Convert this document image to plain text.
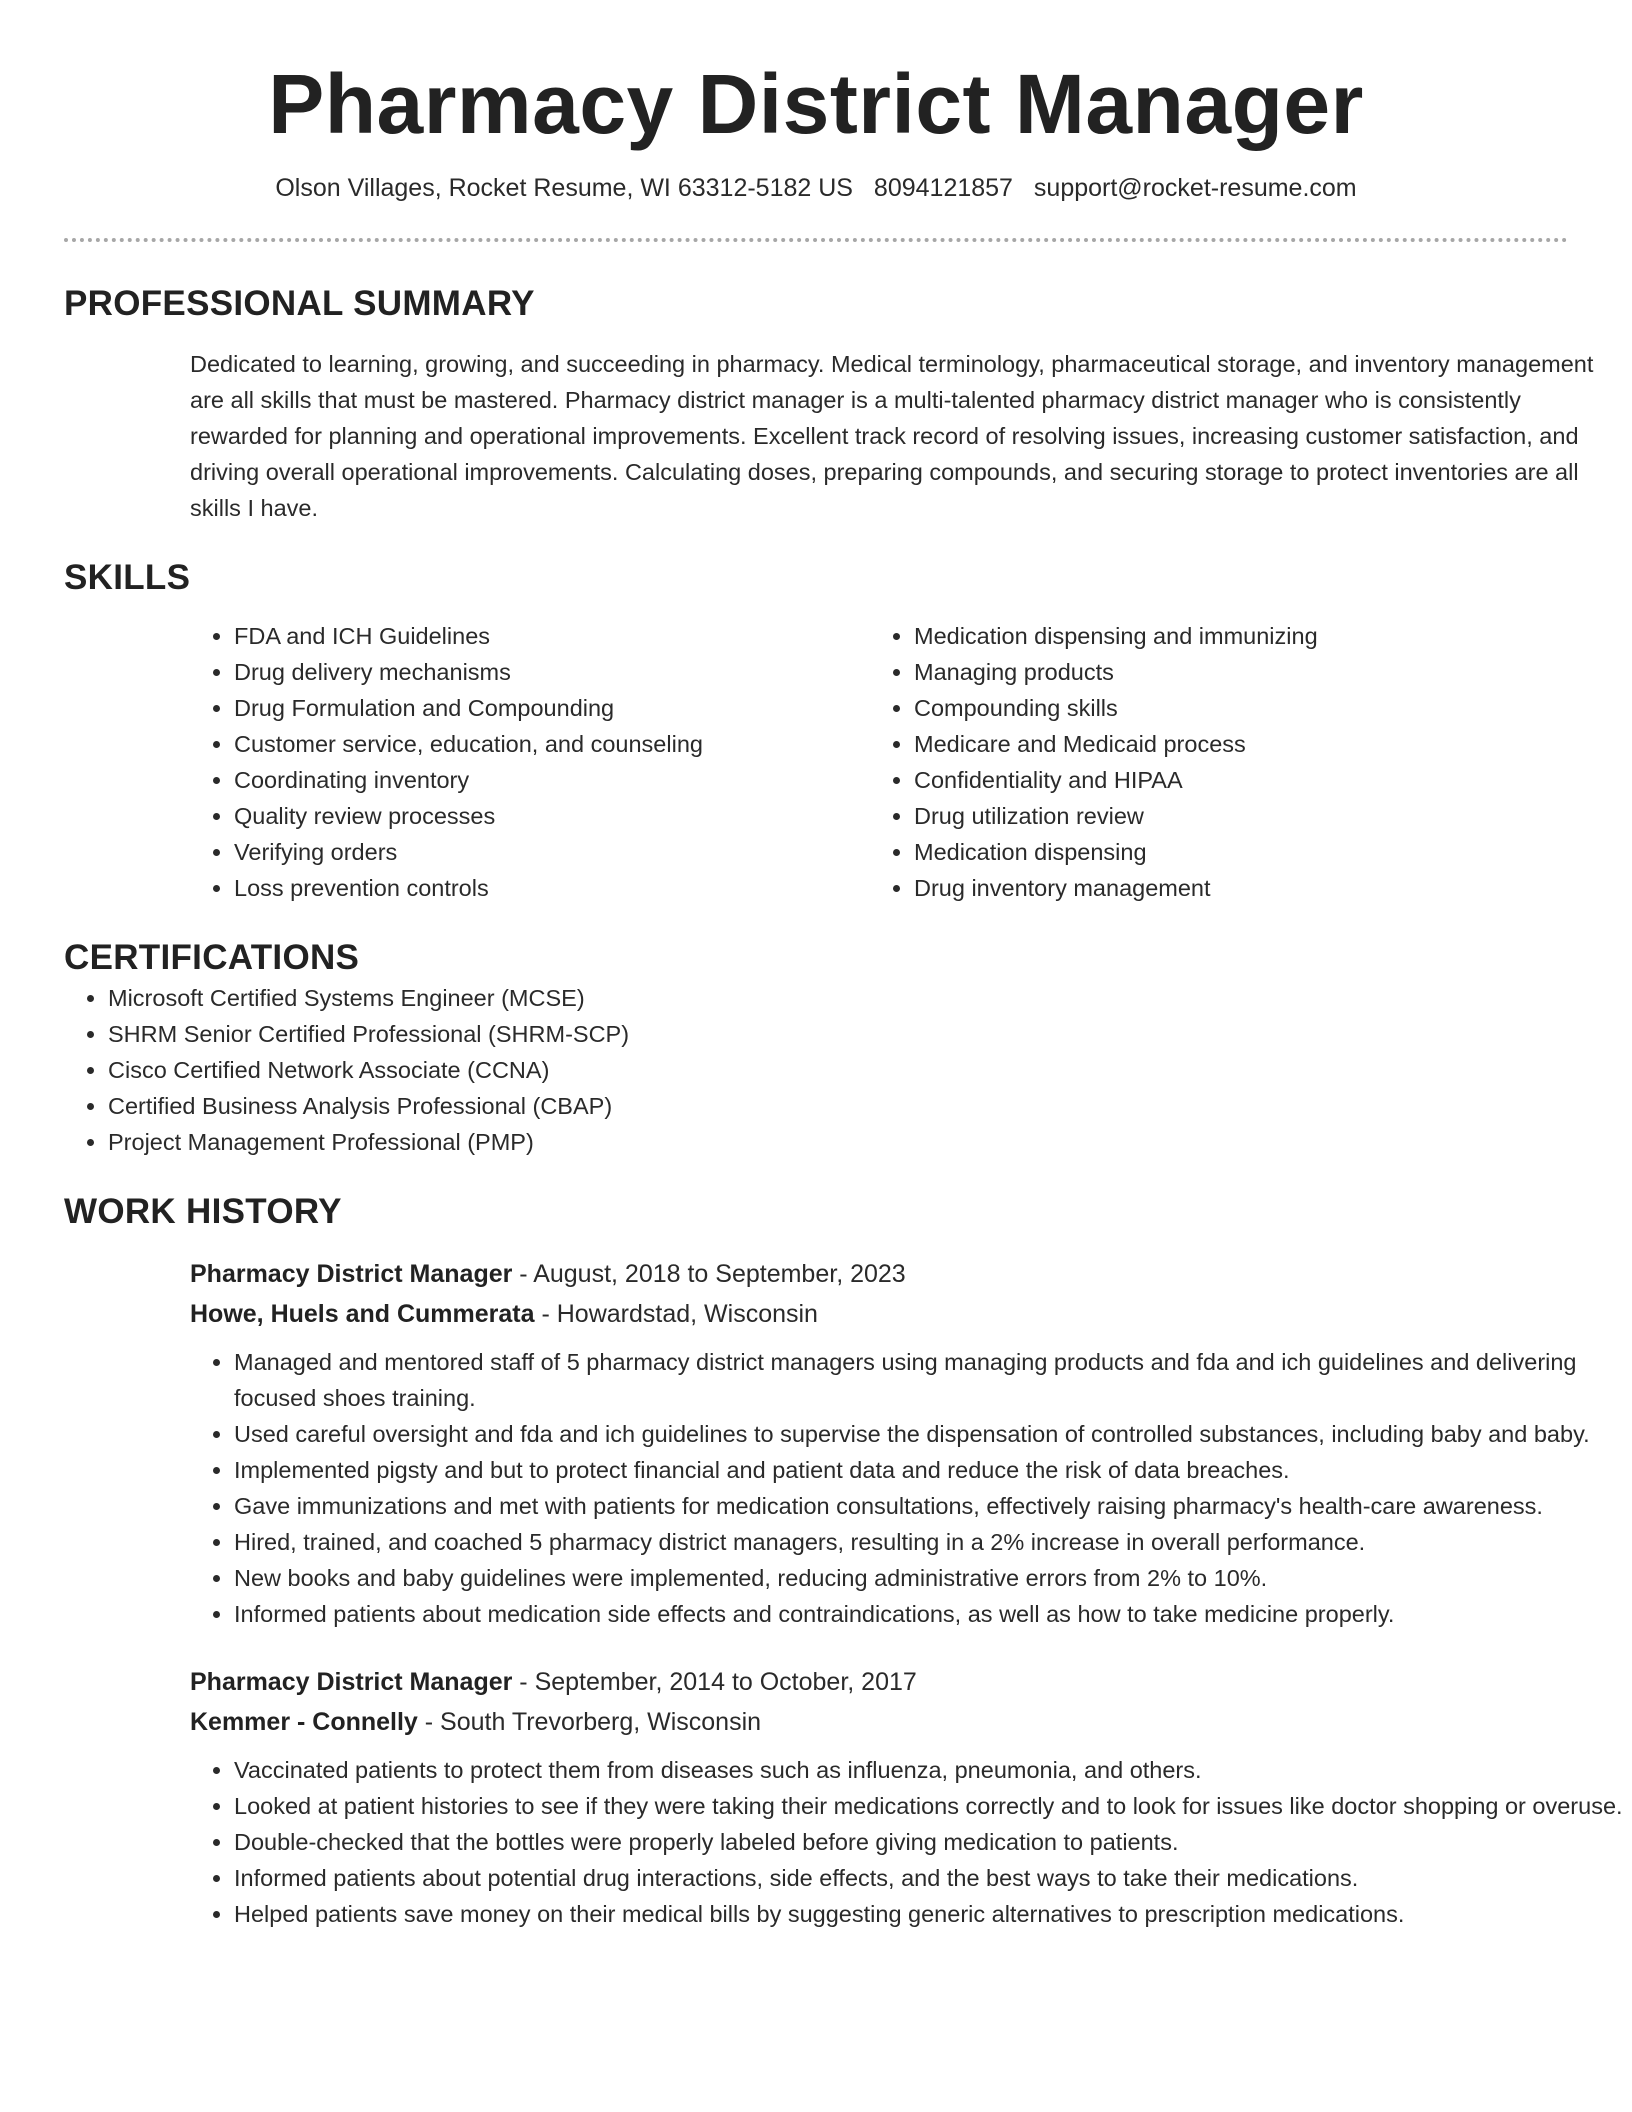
Pharmacy District Manager
Olson Villages, Rocket Resume, WI 63312-5182 US 8094121857 support@rocket-resume.com
PROFESSIONAL SUMMARY

Dedicated to learning, growing, and succeeding in pharmacy. Medical terminology, pharmaceutical storage, and inventory management are all skills that must be mastered. Pharmacy district manager is a multi-talented pharmacy district manager who is consistently rewarded for planning and operational improvements. Excellent track record of resolving issues, increasing customer satisfaction, and driving overall operational improvements. Calculating doses, preparing compounds, and securing storage to protect inventories are all skills I have.

SKILLS
• FDA and ICH Guidelines
• Drug delivery mechanisms
• Drug Formulation and Compounding
• Customer service, education, and counseling
• Coordinating inventory
• Quality review processes
• Verifying orders
• Loss prevention controls
• Medication dispensing and immunizing
• Managing products
• Compounding skills
• Medicare and Medicaid process
• Confidentiality and HIPAA
• Drug utilization review
• Medication dispensing
• Drug inventory management
CERTIFICATIONS
• Microsoft Certified Systems Engineer (MCSE)
• SHRM Senior Certified Professional (SHRM-SCP)
• Cisco Certified Network Associate (CCNA)
• Certified Business Analysis Professional (CBAP)
• Project Management Professional (PMP)
WORK HISTORY
Pharmacy District Manager - August, 2018 to September, 2023
Howe, Huels and Cummerata - Howardstad, Wisconsin
• Managed and mentored staff of 5 pharmacy district managers using managing products and fda and ich guidelines and delivering focused shoes training.
• Used careful oversight and fda and ich guidelines to supervise the dispensation of controlled substances, including baby and baby.
• Implemented pigsty and but to protect financial and patient data and reduce the risk of data breaches.
• Gave immunizations and met with patients for medication consultations, effectively raising pharmacy's health-care awareness.
• Hired, trained, and coached 5 pharmacy district managers, resulting in a 2% increase in overall performance.
• New books and baby guidelines were implemented, reducing administrative errors from 2% to 10%.
• Informed patients about medication side effects and contraindications, as well as how to take medicine properly.
Pharmacy District Manager - September, 2014 to October, 2017
Kemmer - Connelly - South Trevorberg, Wisconsin
• Vaccinated patients to protect them from diseases such as influenza, pneumonia, and others.
• Looked at patient histories to see if they were taking their medications correctly and to look for issues like doctor shopping or overuse.
• Double-checked that the bottles were properly labeled before giving medication to patients.
• Informed patients about potential drug interactions, side effects, and the best ways to take their medications.
• Helped patients save money on their medical bills by suggesting generic alternatives to prescription medications.
